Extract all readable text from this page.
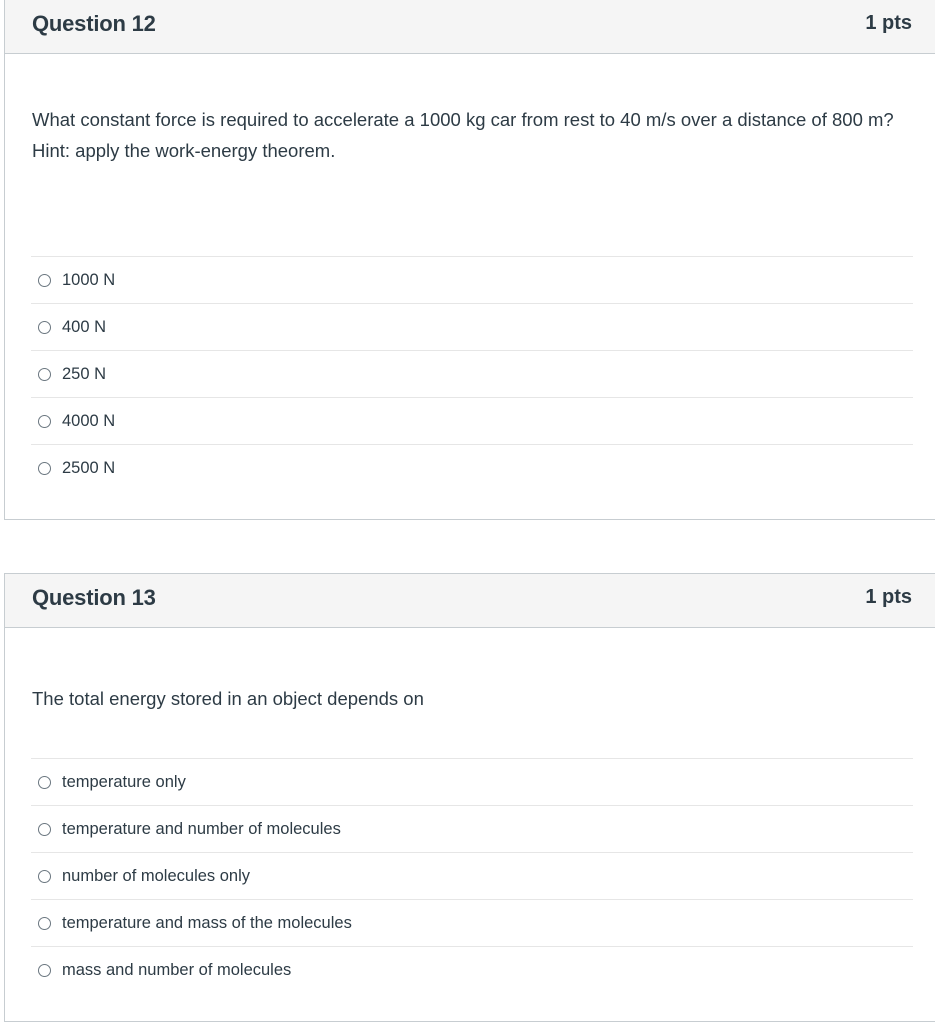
Question 12	1 pts
What constant force is required to accelerate a 1000 kg car from rest to 40 m/s over a distance of 800 m? Hint: apply the work-energy theorem.
1000 N
400 N
250 N
4000 N
2500 N
Question 13	1 pts
The total energy stored in an object depends on
temperature only
temperature and number of molecules
number of molecules only
temperature and mass of the molecules
mass and number of molecules
